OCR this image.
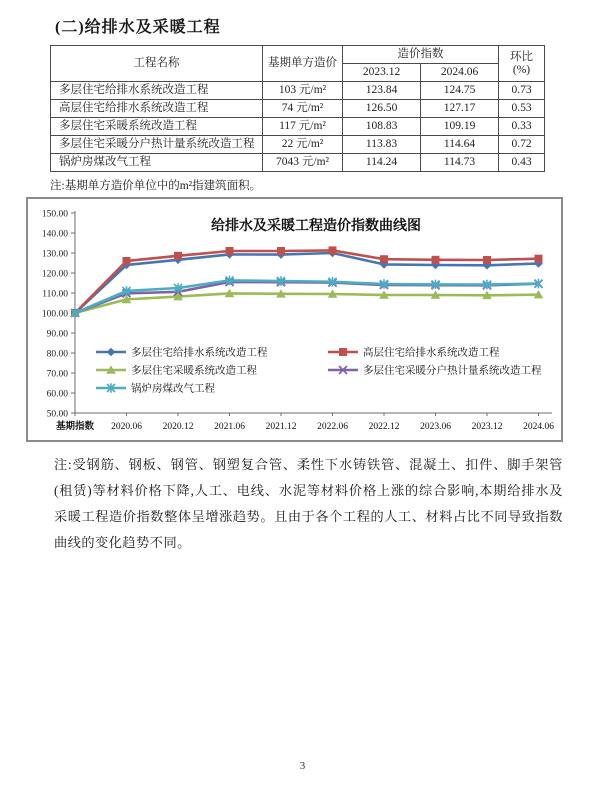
(二)给排水及采暖工程
工程名称	基期单方造价	造价指数		环比
(%)

		2023.12	2024.06	
多层住宅给排水系统改造工程	103 元/m²	123.84	124.75	0.73
高层住宅给排水系统改造工程	74 元/m²	126.50	127.17	0.53
多层住宅采暖系统改造工程	117 元/m²	108.83	109.19	0.33
多层住宅采暖分户热计量系统改造工程	22 元/m²	113.83	114.64	0.72
锅炉房煤改气工程	7043 元/m²	114.24	114.73	0.43
注:基期单方造价单位中的m²指建筑面积。
给排水及采暖工程造价指数曲线图
150.00
140.00
130.00
120.00
110.00
100.00
90.00
80.00
70.00
60.00
50.00
基期指数 2020.06 2020.12 2021.06 2021.12 2022.06 2022.12 2023.06 2023.12 2024.06
多层住宅给排水系统改造工程	高层住宅给排水系统改造工程
多层住宅采暖系统改造工程	多层住宅采暖分户热计量系统改造工程
锅炉房煤改气工程
注:受钢筋、钢板、钢管、钢塑复合管、柔性下水铸铁管、混凝土、扣件、脚手架管(租赁)等材料价格下降,人工、电线、水泥等材料价格上涨的综合影响,本期给排水及采暖工程造价指数整体呈增涨趋势。且由于各个工程的人工、材料占比不同导致指数曲线的变化趋势不同。
3
